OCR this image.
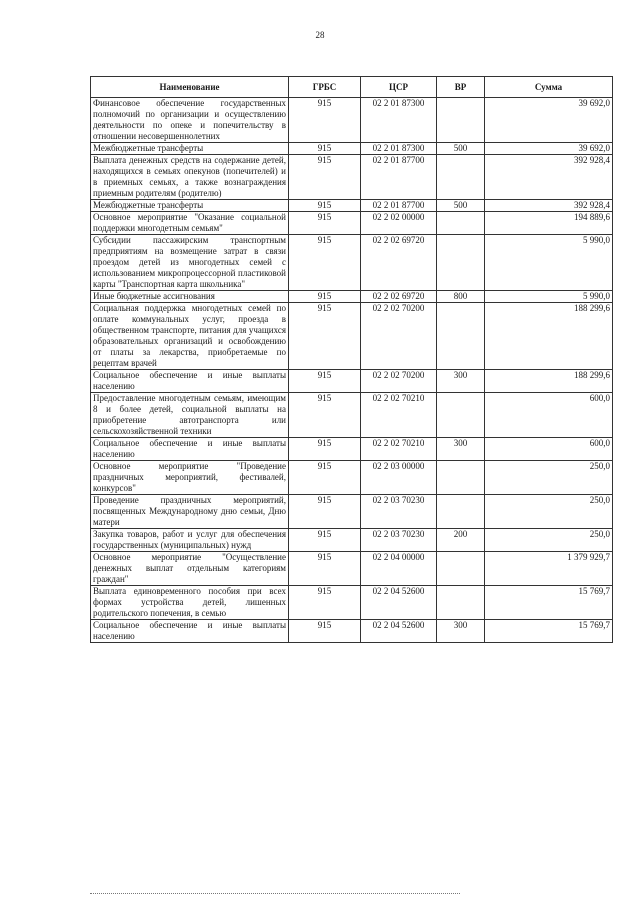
28
Наименование	ГРБС	ЦСР	ВР	Сумма
Финансовое обеспечение государственных полномочий по организации и осуществлению деятельности по опеке и попечительству в отношении несовершеннолетних	915	02 2 01 87300		39 692,0
Межбюджетные трансферты	915	02 2 01 87300	500	39 692,0
Выплата денежных средств на содержание детей, находящихся в семьях опекунов (попечителей) и в приемных семьях, а также вознаграждения приемным родителям (родителю)	915	02 2 01 87700		392 928,4
Межбюджетные трансферты	915	02 2 01 87700	500	392 928,4
Основное мероприятие "Оказание социальной поддержки многодетным семьям"	915	02 2 02 00000		194 889,6
Субсидии пассажирским транспортным предприятиям на возмещение затрат в связи проездом детей из многодетных семей с использованием микропроцессорной пластиковой карты "Транспортная карта школьника"	915	02 2 02 69720		5 990,0
Иные бюджетные ассигнования	915	02 2 02 69720	800	5 990,0
Социальная поддержка многодетных семей по оплате коммунальных услуг, проезда в общественном транспорте, питания для учащихся образовательных организаций и освобождению от платы за лекарства, приобретаемые по рецептам врачей	915	02 2 02 70200		188 299,6
Социальное обеспечение и иные выплаты населению	915	02 2 02 70200	300	188 299,6
Предоставление многодетным семьям, имеющим 8 и более детей, социальной выплаты на приобретение автотранспорта или сельскохозяйственной техники	915	02 2 02 70210		600,0
Социальное обеспечение и иные выплаты населению	915	02 2 02 70210	300	600,0
Основное мероприятие "Проведение праздничных мероприятий, фестивалей, конкурсов"	915	02 2 03 00000		250,0
Проведение праздничных мероприятий, посвященных Международному дню семьи, Дню матери	915	02 2 03 70230		250,0
Закупка товаров, работ и услуг для обеспечения государственных (муниципальных) нужд	915	02 2 03 70230	200	250,0
Основное мероприятие "Осуществление денежных выплат отдельным категориям граждан"	915	02 2 04 00000		1 379 929,7
Выплата единовременного пособия при всех формах устройства детей, лишенных родительского попечения, в семью	915	02 2 04 52600		15 769,7
Социальное обеспечение и иные выплаты населению	915	02 2 04 52600	300	15 769,7
